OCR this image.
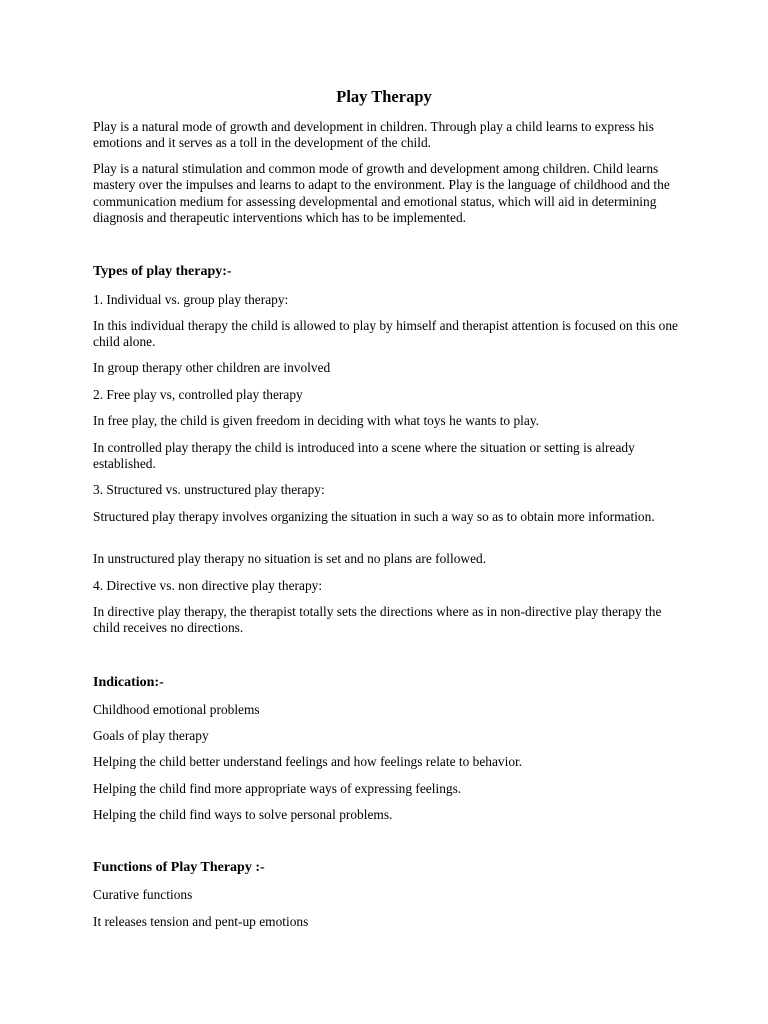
Play Therapy

Play is a natural mode of growth and development in children. Through play a child learns to express his emotions and it serves as a toll in the development of the child.

Play is a natural stimulation and common mode of growth and development among children. Child learns mastery over the impulses and learns to adapt to the environment. Play is the language of childhood and the communication medium for assessing developmental and emotional status, which will aid in determining diagnosis and therapeutic interventions which has to be implemented.

Types of play therapy:-

1. Individual vs. group play therapy:

In this individual therapy the child is allowed to play by himself and therapist attention is focused on this one child alone.

In group therapy other children are involved

2. Free play vs, controlled play therapy

In free play, the child is given freedom in deciding with what toys he wants to play.

In controlled play therapy the child is introduced into a scene where the situation or setting is already established.

3. Structured vs. unstructured play therapy:

Structured play therapy involves organizing the situation in such a way so as to obtain more information.

In unstructured play therapy no situation is set and no plans are followed.

4. Directive vs. non directive play therapy:

In directive play therapy, the therapist totally sets the directions where as in non-directive play therapy the child receives no directions.

Indication:-

Childhood emotional problems

Goals of play therapy

Helping the child better understand feelings and how feelings relate to behavior.

Helping the child find more appropriate ways of expressing feelings.

Helping the child find ways to solve personal problems.

Functions of Play Therapy :-

Curative functions

It releases tension and pent-up emotions
